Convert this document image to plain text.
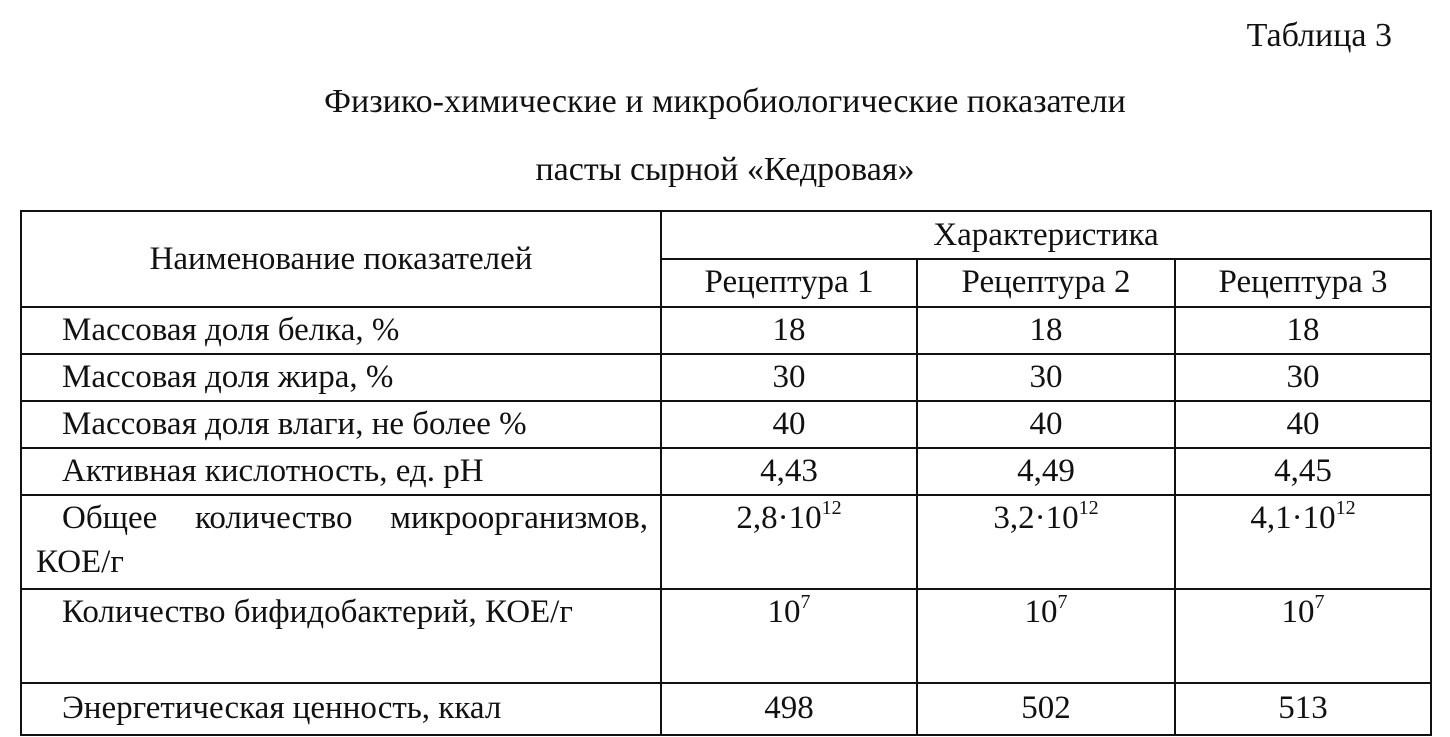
Таблица 3
Физико-химические и микробиологические показатели
пасты сырной «Кедровая»
Наименование показателей	Характеристика		
	Рецептура 1	Рецептура 2	Рецептура 3
Массовая доля белка, %	18	18	18
Массовая доля жира, %	30	30	30
Массовая доля влаги, не более %	40	40	40
Активная кислотность, ед. рН	4,43	4,49	4,45
Общее количество микроорганизмов, КОЕ/г	$2,8\cdot 10^{12}$	$3,2\cdot 10^{12}$	$4,1\cdot 10^{12}$
Количество бифидобактерий, КОЕ/г	$10^7$	$10^7$	$10^7$
Энергетическая ценность, ккал	498	502	513
